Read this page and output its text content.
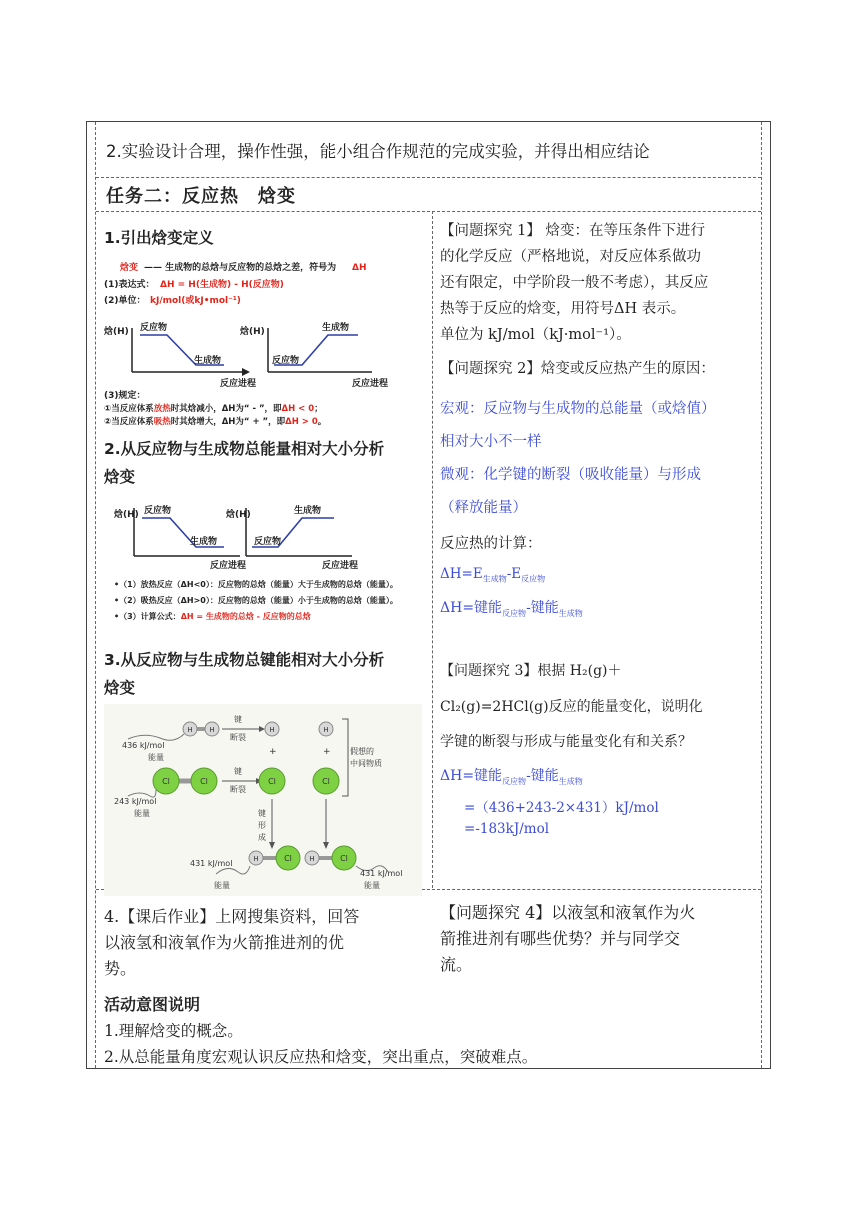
2.实验设计合理，操作性强，能小组合作规范的完成实验，并得出相应结论
任务二：反应热　焓变
1.引出焓变定义
焓变 —— 生成物的总焓与反应物的总焓之差，符号为 ΔH
(1)表达式： ΔH = H(生成物) - H(反应物)
(2)单位： kJ/mol(或kJ•mol⁻¹)
焓(H) 反应物
生成物
反应进程
焓(H)	生成物
反应物
反应进程
(3)规定：
①当反应体系放热时其焓减小，ΔH为“ - ”，即ΔH < 0；
②当反应体系吸热时其焓增大，ΔH为“ + ”，即ΔH > 0。
2.从反应物与生成物总能量相对大小分析
焓变
焓(H) 反应物
生成物
反应进程
焓(H)	生成物
反应物
反应进程
•（1）放热反应（ΔH<0）：反应物的总焓（能量）大于生成物的总焓（能量）。
•（2）吸热反应（ΔH>0）：反应物的总焓（能量）小于生成物的总焓（能量）。
•（3）计算公式：ΔH = 生成物的总焓 - 反应物的总焓
3.从反应物与生成物总键能相对大小分析
焓变
H H
键
断裂
H	H
+	+
436 kJ/mol
能量
Cl	Cl
键
断裂
Cl	Cl
假想的
中间物质
243 kJ/mol
能量	键
形
成
H	Cl H	Cl
431 kJ/mol
能量
431 kJ/mol
能量
4.【课后作业】上网搜集资料，回答
以液氢和液氧作为火箭推进剂的优
势。
【问题探究 1】 焓变：在等压条件下进行
的化学反应（严格地说，对反应体系做功
还有限定，中学阶段一般不考虑），其反应
热等于反应的焓变，用符号ΔH 表示。
单位为 kJ/mol（kJ·mol⁻¹）。
【问题探究 2】焓变或反应热产生的原因：
宏观：反应物与生成物的总能量（或焓值）
相对大小不一样
微观：化学键的断裂（吸收能量）与形成
（释放能量）
反应热的计算：
$\Delta H=E_{生成物}-E_{反应物}$
ΔH=键能$_{反应物}$-键能$_{生成物}$
【问题探究 3】根据 H₂(g)＋
Cl₂(g)=2HCl(g)反应的能量变化，说明化
学键的断裂与形成与能量变化有和关系？
ΔH=键能$_{反应物}$-键能$_{生成物}$
=（436+243-2×431）kJ/mol
=-183kJ/mol
【问题探究 4】以液氢和液氧作为火
箭推进剂有哪些优势？并与同学交
流。
活动意图说明
1.理解焓变的概念。
2.从总能量角度宏观认识反应热和焓变，突出重点，突破难点。
